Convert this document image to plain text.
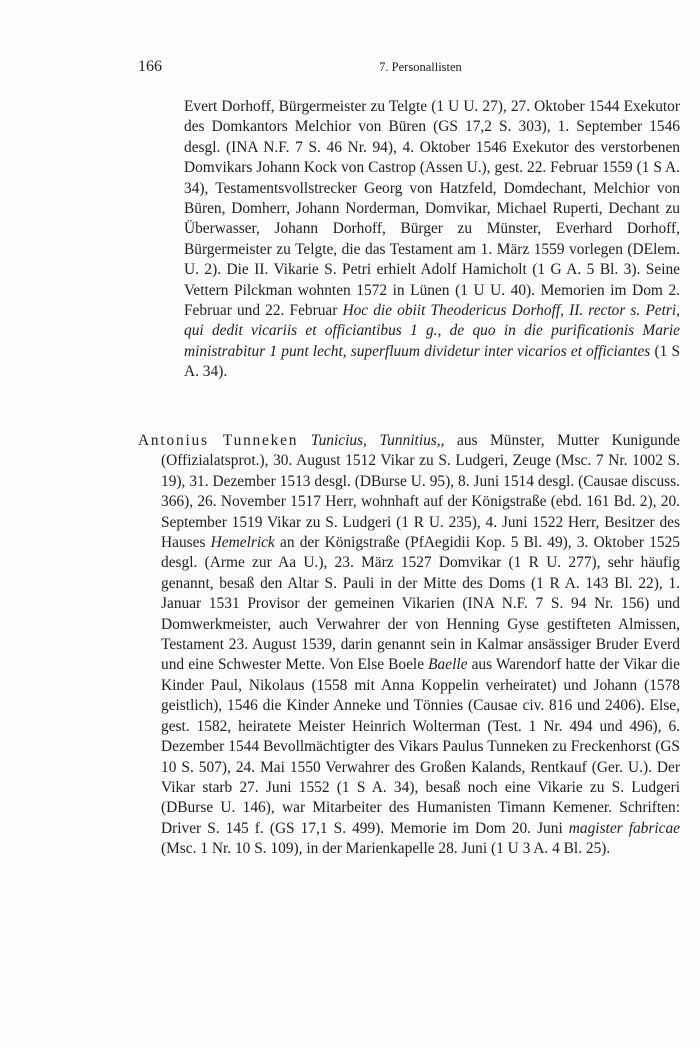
166	7. Personallisten

Evert Dorhoff, Bürgermeister zu Telgte (1 U U. 27), 27. Oktober 1544 Exekutor des Domkantors Melchior von Büren (GS 17,2 S. 303), 1. September 1546 desgl. (INA N.F. 7 S. 46 Nr. 94), 4. Oktober 1546 Exekutor des verstorbenen Domvikars Johann Kock von Castrop (Assen U.), gest. 22. Februar 1559 (1 S A. 34), Testamentsvollstrecker Georg von Hatzfeld, Domdechant, Melchior von Büren, Domherr, Johann Norderman, Domvikar, Michael Ruperti, Dechant zu Überwasser, Johann Dorhoff, Bürger zu Münster, Everhard Dorhoff, Bürgermeister zu Telgte, die das Testament am 1. März 1559 vorlegen (DElem. U. 2). Die II. Vikarie S. Petri erhielt Adolf Hamicholt (1 G A. 5 Bl. 3). Seine Vettern Pilckman wohnten 1572 in Lünen (1 U U. 40). Memorien im Dom 2. Februar und 22. Februar Hoc die obiit Theodericus Dorhoff, II. rector s. Petri, qui dedit vicariis et officiantibus 1 g., de quo in die purificationis Marie ministrabitur 1 punt lecht, superfluum dividetur inter vicarios et officiantes (1 S A. 34).

Antonius Tunneken Tunicius, Tunnitius,, aus Münster, Mutter Kunigunde (Offizialatsprot.), 30. August 1512 Vikar zu S. Ludgeri, Zeuge (Msc. 7 Nr. 1002 S. 19), 31. Dezember 1513 desgl. (DBurse U. 95), 8. Juni 1514 desgl. (Causae discuss. 366), 26. November 1517 Herr, wohnhaft auf der Königstraße (ebd. 161 Bd. 2), 20. September 1519 Vikar zu S. Ludgeri (1 R U. 235), 4. Juni 1522 Herr, Besitzer des Hauses Hemelrick an der Königstraße (PfAegidii Kop. 5 Bl. 49), 3. Oktober 1525 desgl. (Arme zur Aa U.), 23. März 1527 Domvikar (1 R U. 277), sehr häufig genannt, besaß den Altar S. Pauli in der Mitte des Doms (1 R A. 143 Bl. 22), 1. Januar 1531 Provisor der gemeinen Vikarien (INA N.F. 7 S. 94 Nr. 156) und Domwerkmeister, auch Verwahrer der von Henning Gyse gestifteten Almissen, Testament 23. August 1539, darin genannt sein in Kalmar ansässiger Bruder Everd und eine Schwester Mette. Von Else Boele Baelle aus Warendorf hatte der Vikar die Kinder Paul, Nikolaus (1558 mit Anna Koppelin verheiratet) und Johann (1578 geistlich), 1546 die Kinder Anneke und Tönnies (Causae civ. 816 und 2406). Else, gest. 1582, heiratete Meister Heinrich Wolterman (Test. 1 Nr. 494 und 496), 6. Dezember 1544 Bevollmächtigter des Vikars Paulus Tunneken zu Freckenhorst (GS 10 S. 507), 24. Mai 1550 Verwahrer des Großen Kalands, Rentkauf (Ger. U.). Der Vikar starb 27. Juni 1552 (1 S A. 34), besaß noch eine Vikarie zu S. Ludgeri (DBurse U. 146), war Mitarbeiter des Humanisten Timann Kemener. Schriften: Driver S. 145 f. (GS 17,1 S. 499). Memorie im Dom 20. Juni magister fabricae (Msc. 1 Nr. 10 S. 109), in der Marienkapelle 28. Juni (1 U 3 A. 4 Bl. 25).
